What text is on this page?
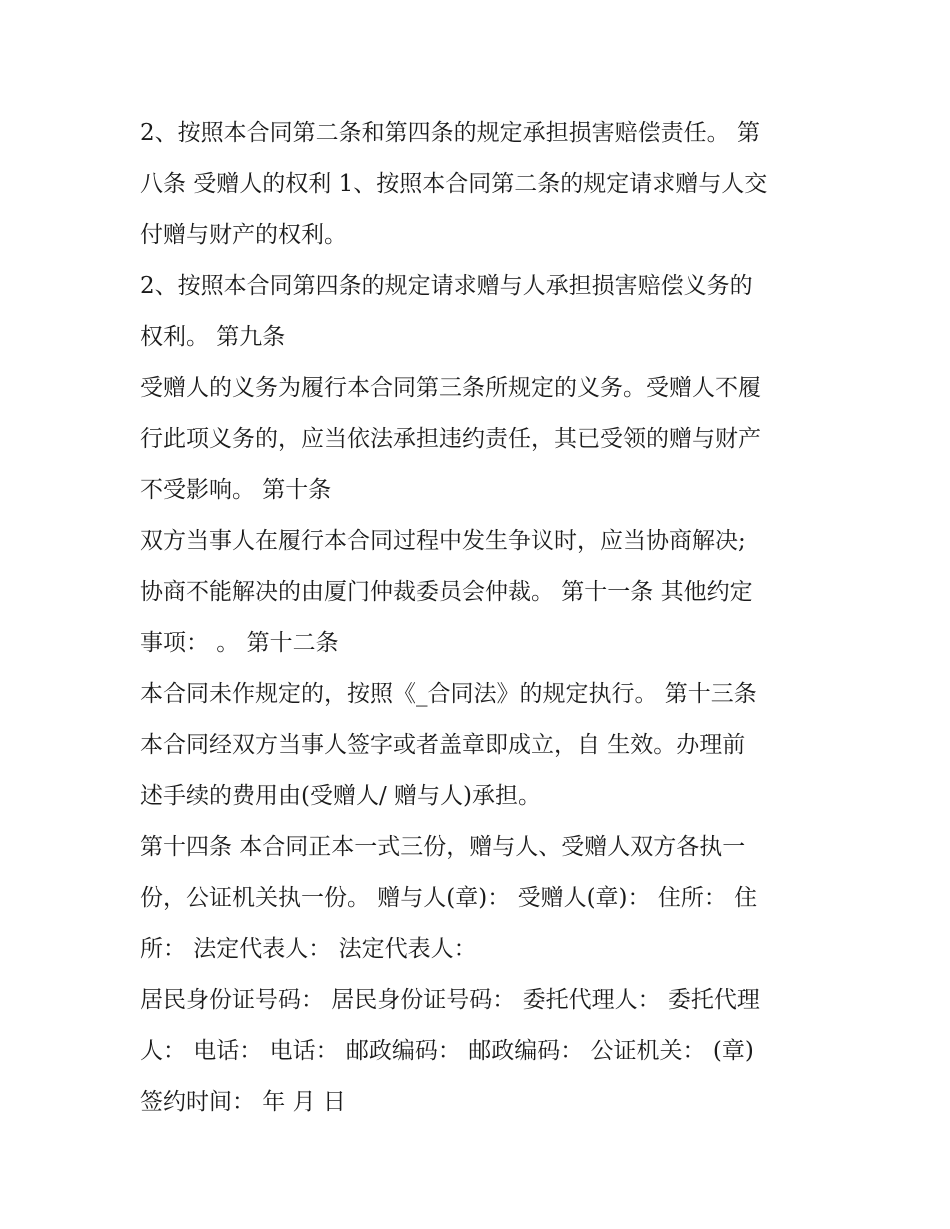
2、按照本合同第二条和第四条的规定承担损害赔偿责任。 第
八条 受赠人的权利 1、按照本合同第二条的规定请求赠与人交
付赠与财产的权利。
2、按照本合同第四条的规定请求赠与人承担损害赔偿义务的
权利。 第九条
受赠人的义务为履行本合同第三条所规定的义务。受赠人不履
行此项义务的，应当依法承担违约责任，其已受领的赠与财产
不受影响。 第十条
双方当事人在履行本合同过程中发生争议时，应当协商解决;
协商不能解决的由厦门仲裁委员会仲裁。 第十一条 其他约定
事项： 。 第十二条
本合同未作规定的，按照《_合同法》的规定执行。 第十三条
本合同经双方当事人签字或者盖章即成立，自 生效。办理前
述手续的费用由(受赠人/ 赠与人)承担。
第十四条 本合同正本一式三份，赠与人、受赠人双方各执一
份，公证机关执一份。 赠与人(章)： 受赠人(章)： 住所： 住
所： 法定代表人： 法定代表人：
居民身份证号码： 居民身份证号码： 委托代理人： 委托代理
人： 电话： 电话： 邮政编码： 邮政编码： 公证机关： (章)
签约时间： 年 月 日
